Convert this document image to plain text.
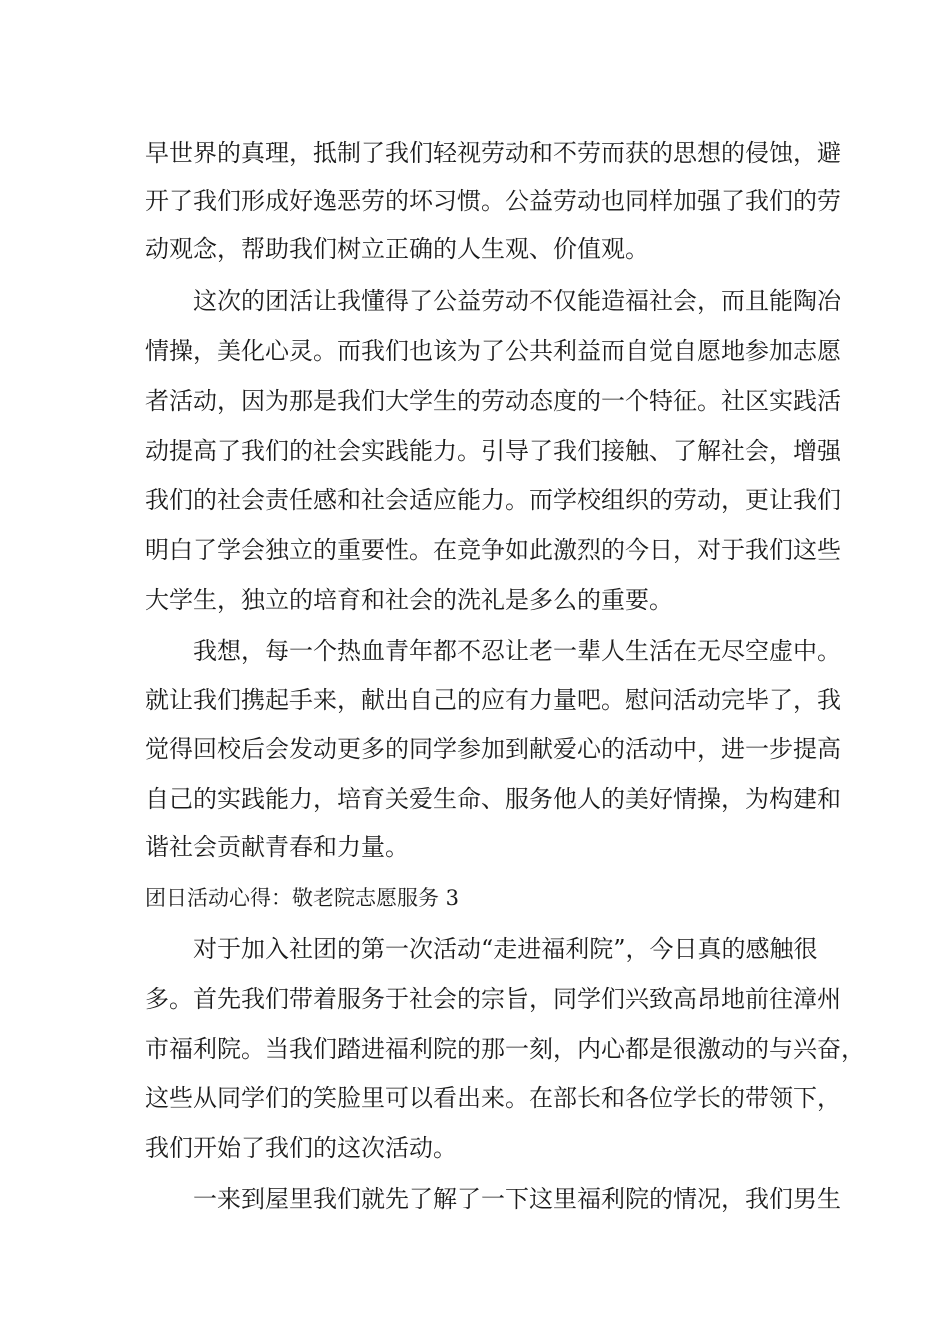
早世界的真理，抵制了我们轻视劳动和不劳而获的思想的侵蚀，避
开了我们形成好逸恶劳的坏习惯。公益劳动也同样加强了我们的劳
动观念，帮助我们树立正确的人生观、价值观。
这次的团活让我懂得了公益劳动不仅能造福社会，而且能陶冶
情操，美化心灵。而我们也该为了公共利益而自觉自愿地参加志愿
者活动，因为那是我们大学生的劳动态度的一个特征。社区实践活
动提高了我们的社会实践能力。引导了我们接触、了解社会，增强
我们的社会责任感和社会适应能力。而学校组织的劳动，更让我们
明白了学会独立的重要性。在竞争如此激烈的今日，对于我们这些
大学生，独立的培育和社会的洗礼是多么的重要。
我想，每一个热血青年都不忍让老一辈人生活在无尽空虚中。
就让我们携起手来，献出自己的应有力量吧。慰问活动完毕了，我
觉得回校后会发动更多的同学参加到献爱心的活动中，进一步提高
自己的实践能力，培育关爱生命、服务他人的美好情操，为构建和
谐社会贡献青春和力量。
团日活动心得：敬老院志愿服务 3
对于加入社团的第一次活动“走进福利院”，今日真的感触很
多。首先我们带着服务于社会的宗旨，同学们兴致高昂地前往漳州
市福利院。当我们踏进福利院的那一刻，内心都是很激动的与兴奋，
这些从同学们的笑脸里可以看出来。在部长和各位学长的带领下，
我们开始了我们的这次活动。
一来到屋里我们就先了解了一下这里福利院的情况，我们男生
